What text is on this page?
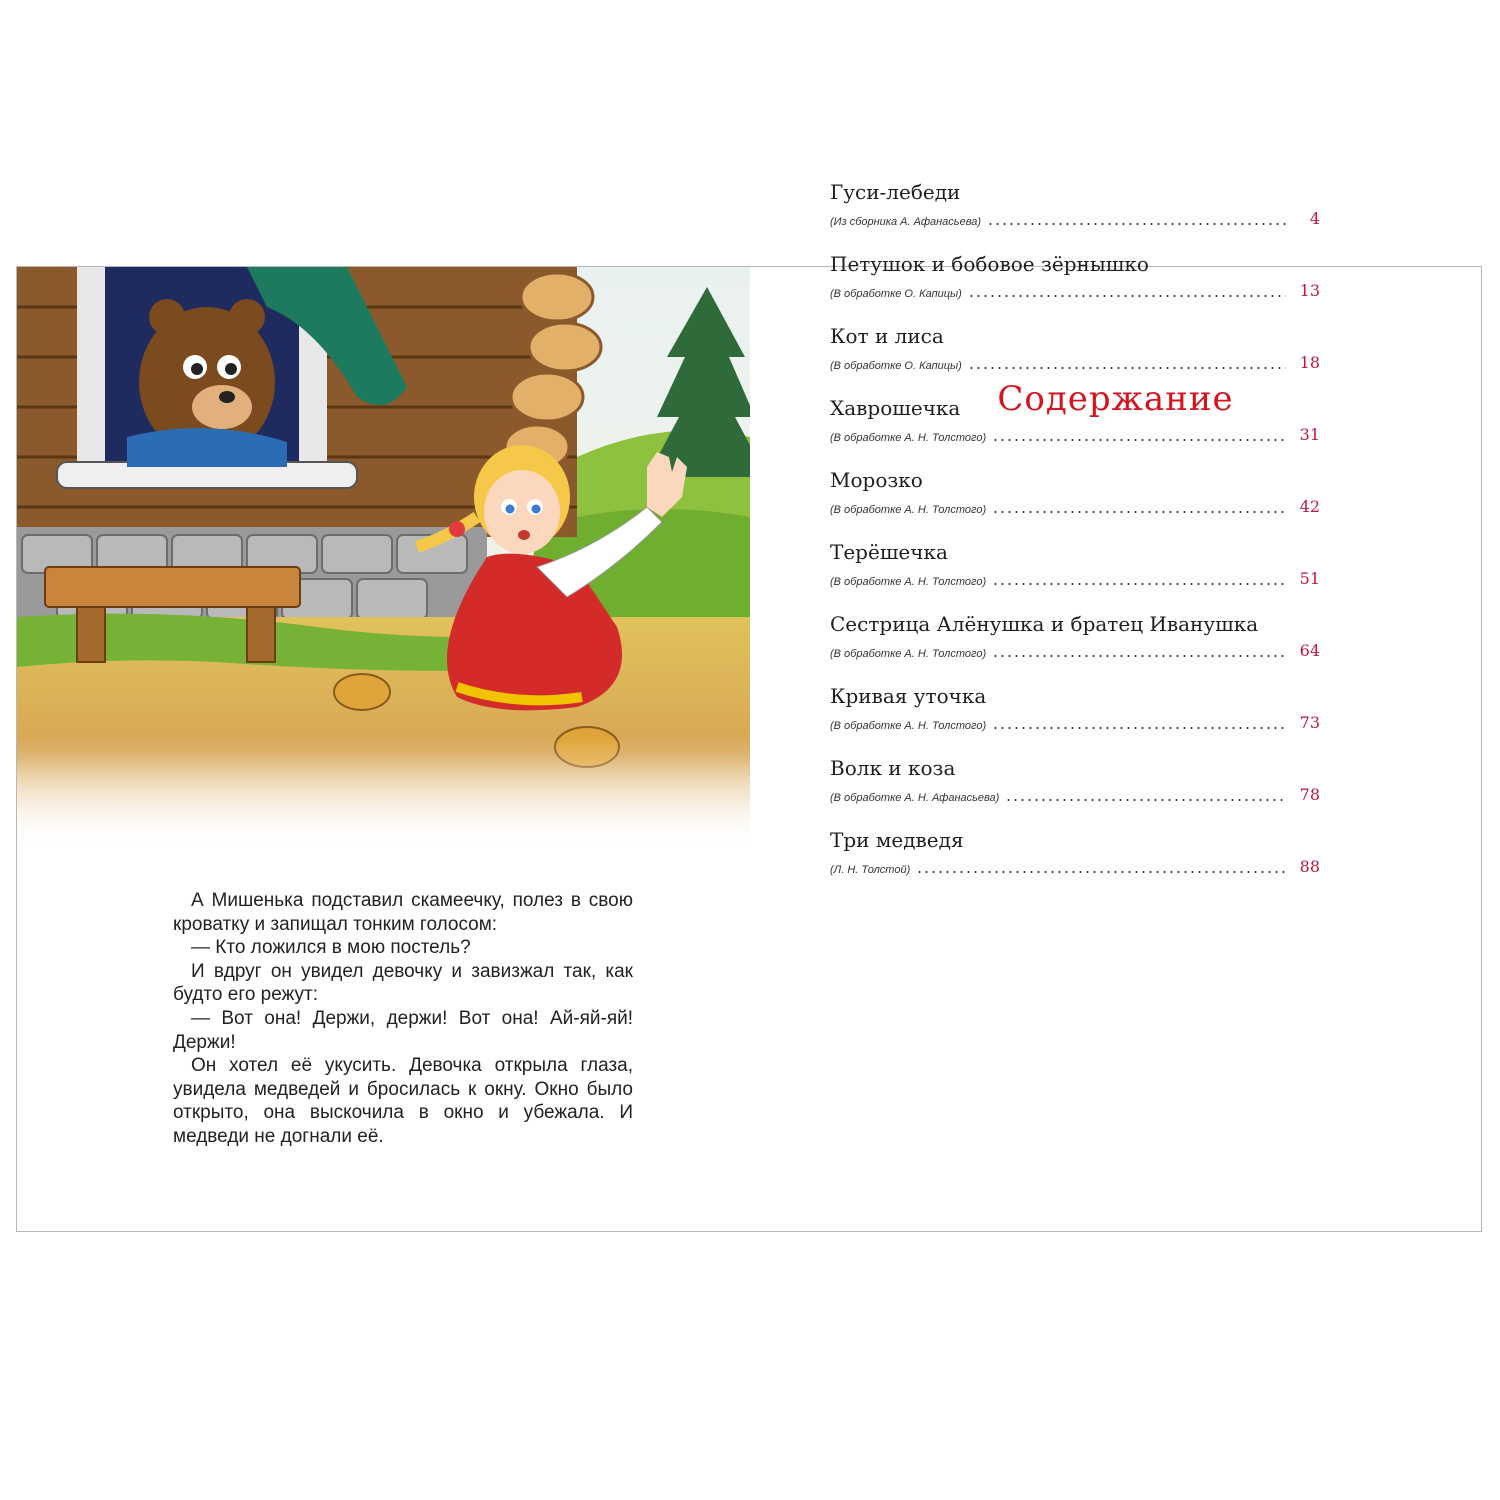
А Мишенька подставил скамеечку, полез в свою кроватку и запищал тонким голосом:

— Кто ложился в мою постель?

И вдруг он увидел девочку и завизжал так, как будто его режут:

— Вот она! Держи, держи! Вот она! Ай-яй-яй! Держи!

Он хотел её укусить. Девочка открыла глаза, увидела медведей и бросилась к окну. Окно было открыто, она выскочила в окно и убежала. И медведи не догнали её.

Содержание
Гуси-лебеди
(Из сборника А. Афанасьева)	4
Петушок и бобовое зёрнышко
(В обработке О. Капицы)	13
Кот и лиса
(В обработке О. Капицы)	18
Хаврошечка
(В обработке А. Н. Толстого)	31
Морозко
(В обработке А. Н. Толстого)	42
Терёшечка
(В обработке А. Н. Толстого)	51
Сестрица Алёнушка и братец Иванушка
(В обработке А. Н. Толстого)	64
Кривая уточка
(В обработке А. Н. Толстого)	73
Волк и коза
(В обработке А. Н. Афанасьева)	78
Три медведя
(Л. Н. Толстой)	88
